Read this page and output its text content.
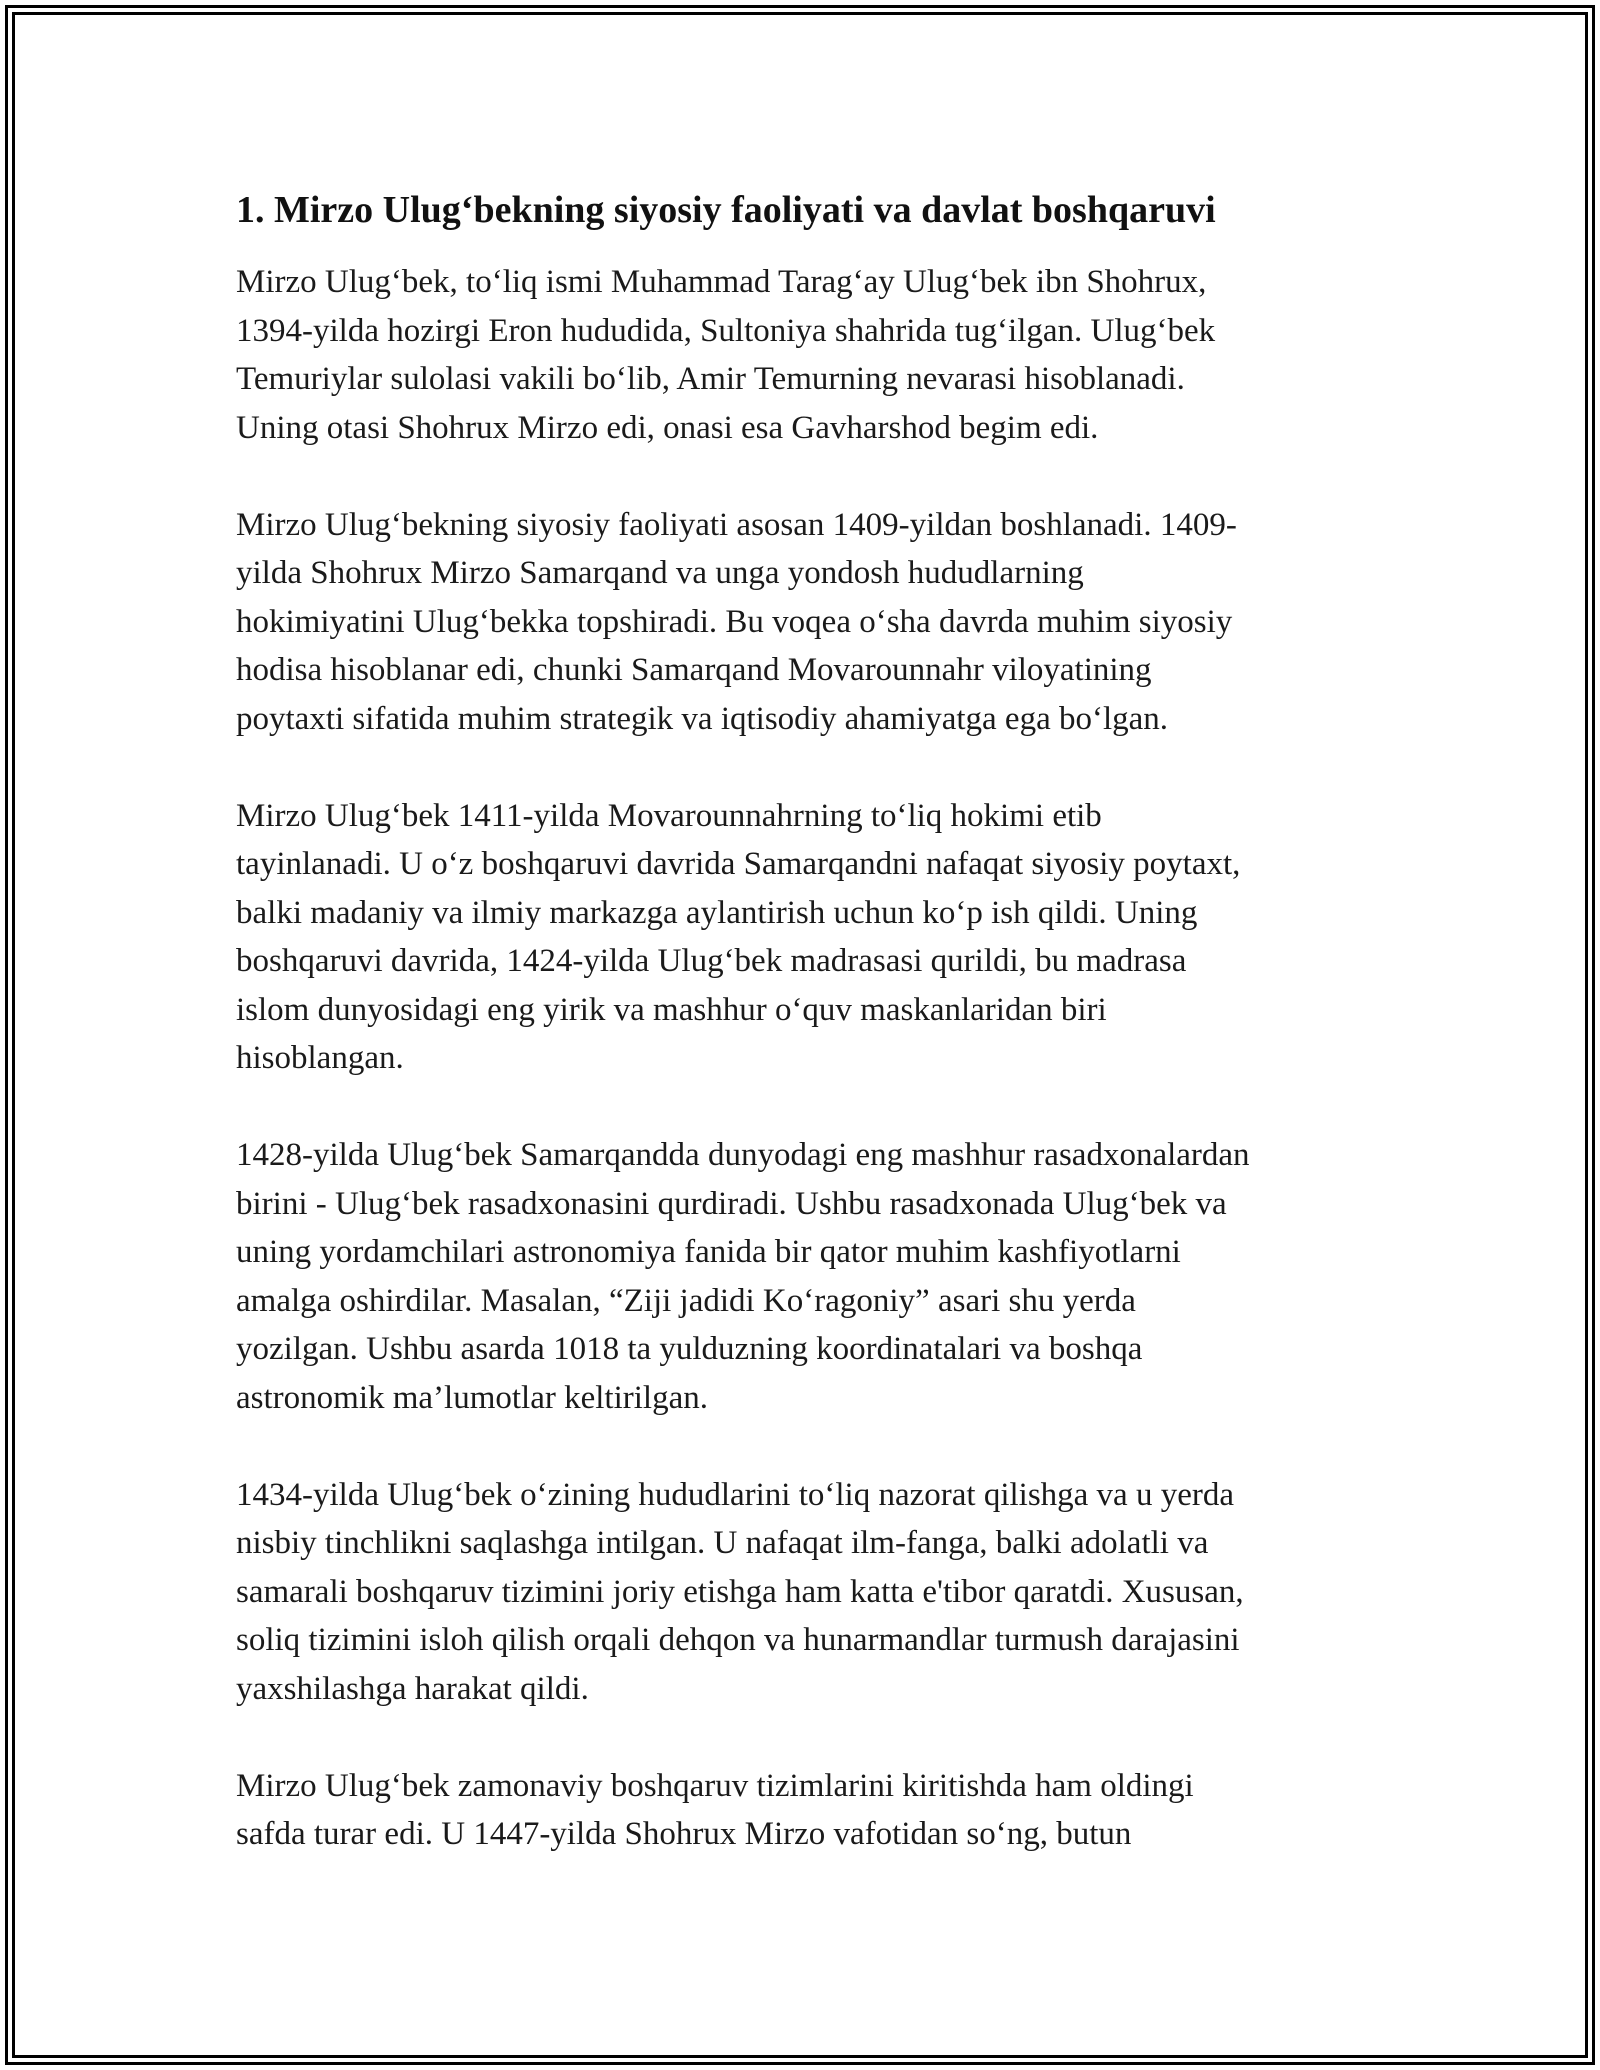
1. Mirzo Ulug‘bekning siyosiy faoliyati va davlat boshqaruvi

Mirzo Ulug‘bek, to‘liq ismi Muhammad Tarag‘ay Ulug‘bek ibn Shohrux,
1394-yilda hozirgi Eron hududida, Sultoniya shahrida tug‘ilgan. Ulug‘bek
Temuriylar sulolasi vakili bo‘lib, Amir Temurning nevarasi hisoblanadi.
Uning otasi Shohrux Mirzo edi, onasi esa Gavharshod begim edi.

Mirzo Ulug‘bekning siyosiy faoliyati asosan 1409-yildan boshlanadi. 1409-
yilda Shohrux Mirzo Samarqand va unga yondosh hududlarning
hokimiyatini Ulug‘bekka topshiradi. Bu voqea o‘sha davrda muhim siyosiy
hodisa hisoblanar edi, chunki Samarqand Movarounnahr viloyatining
poytaxti sifatida muhim strategik va iqtisodiy ahamiyatga ega bo‘lgan.

Mirzo Ulug‘bek 1411-yilda Movarounnahrning to‘liq hokimi etib
tayinlanadi. U o‘z boshqaruvi davrida Samarqandni nafaqat siyosiy poytaxt,
balki madaniy va ilmiy markazga aylantirish uchun ko‘p ish qildi. Uning
boshqaruvi davrida, 1424-yilda Ulug‘bek madrasasi qurildi, bu madrasa
islom dunyosidagi eng yirik va mashhur o‘quv maskanlaridan biri
hisoblangan.

1428-yilda Ulug‘bek Samarqandda dunyodagi eng mashhur rasadxonalardan
birini - Ulug‘bek rasadxonasini qurdiradi. Ushbu rasadxonada Ulug‘bek va
uning yordamchilari astronomiya fanida bir qator muhim kashfiyotlarni
amalga oshirdilar. Masalan, “Ziji jadidi Ko‘ragoniy” asari shu yerda
yozilgan. Ushbu asarda 1018 ta yulduzning koordinatalari va boshqa
astronomik ma’lumotlar keltirilgan.

1434-yilda Ulug‘bek o‘zining hududlarini to‘liq nazorat qilishga va u yerda
nisbiy tinchlikni saqlashga intilgan. U nafaqat ilm-fanga, balki adolatli va
samarali boshqaruv tizimini joriy etishga ham katta e'tibor qaratdi. Xususan,
soliq tizimini isloh qilish orqali dehqon va hunarmandlar turmush darajasini
yaxshilashga harakat qildi.

Mirzo Ulug‘bek zamonaviy boshqaruv tizimlarini kiritishda ham oldingi
safda turar edi. U 1447-yilda Shohrux Mirzo vafotidan so‘ng, butun
